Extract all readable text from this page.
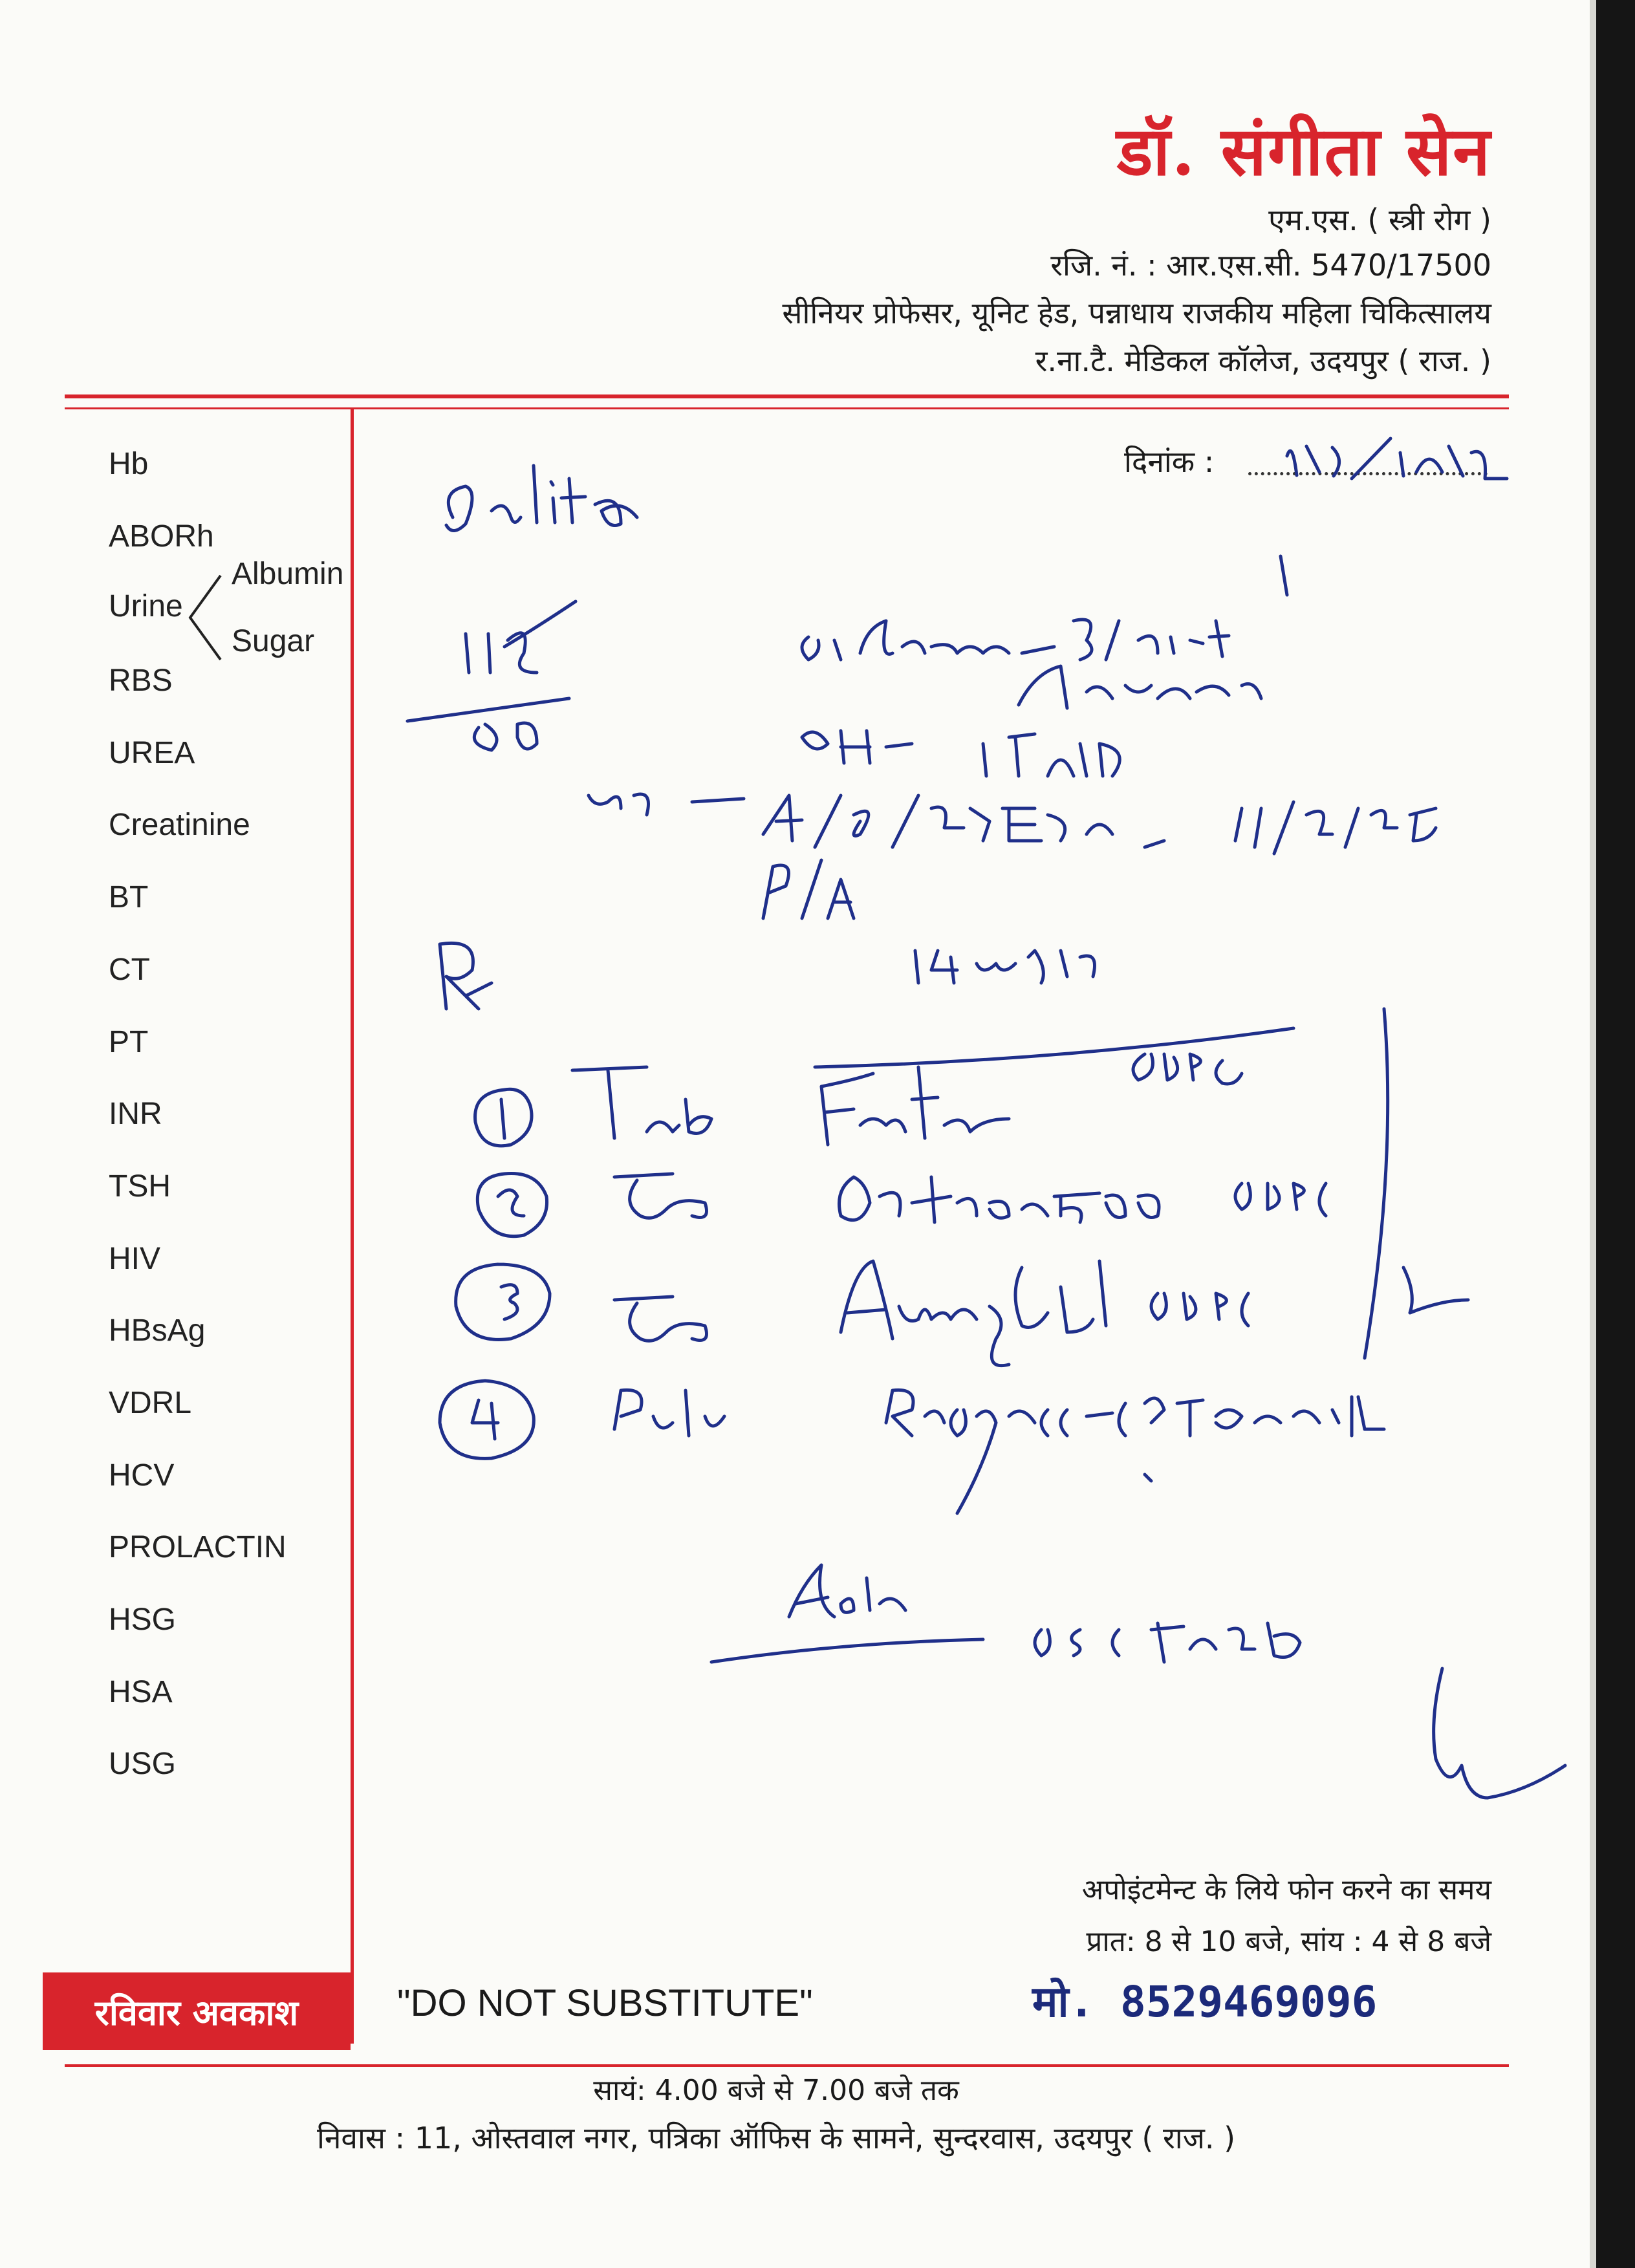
डॉ. संगीता सेन
एम.एस. ( स्त्री रोग )
रजि. नं. : आर.एस.सी. 5470/17500
सीनियर प्रोफेसर, यूनिट हेड, पन्नाधाय राजकीय महिला चिकित्सालय
र.ना.टै. मेडिकल कॉलेज, उदयपुर ( राज. )
Hb
ABORh
RBS
UREA
Creatinine
BT
CT
PT
INR
TSH
HIV
HBsAg
VDRL
HCV
PROLACTIN
HSG
HSA
USG
Urine
Albumin
Sugar
दिनांक :
अपोइंटमेन्ट के लिये फोन करने का समय
प्रात: 8 से 10 बजे, सांय : 4 से 8 बजे
मो. 8529469096
"DO NOT SUBSTITUTE"
रविवार अवकाश
सायं: 4.00 बजे से 7.00 बजे तक
निवास : 11, ओस्तवाल नगर, पत्रिका ऑफिस के सामने, सुन्दरवास, उदयपुर ( राज. )
